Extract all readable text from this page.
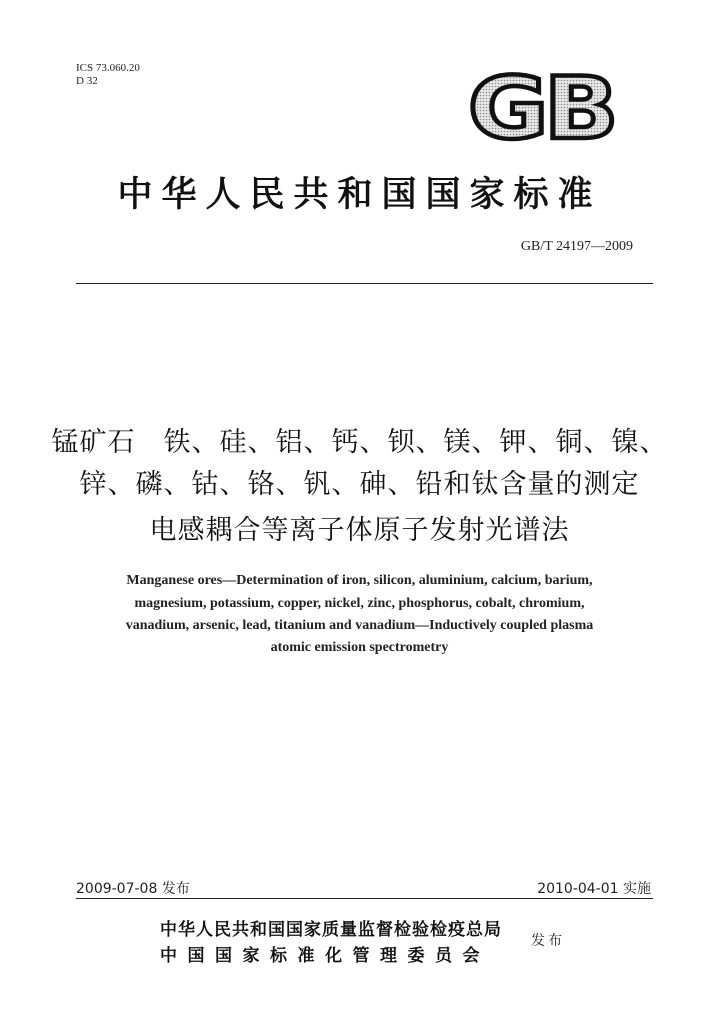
ICS 73.060.20
D 32	GB
中华人民共和国国家标准
GB/T 24197—2009
锰矿石　铁、硅、铝、钙、钡、镁、钾、铜、镍、
锌、磷、钴、铬、钒、砷、铅和钛含量的测定
电感耦合等离子体原子发射光谱法
Manganese ores—Determination of iron, silicon, aluminium, calcium, barium,
magnesium, potassium, copper, nickel, zinc, phosphorus, cobalt, chromium,
vanadium, arsenic, lead, titanium and vanadium—Inductively coupled plasma
atomic emission spectrometry
2009-07-08 发布	2010-04-01 实施
中华人民共和国国家质量监督检验检疫总局
中国国家标准化管理委员会
发布
